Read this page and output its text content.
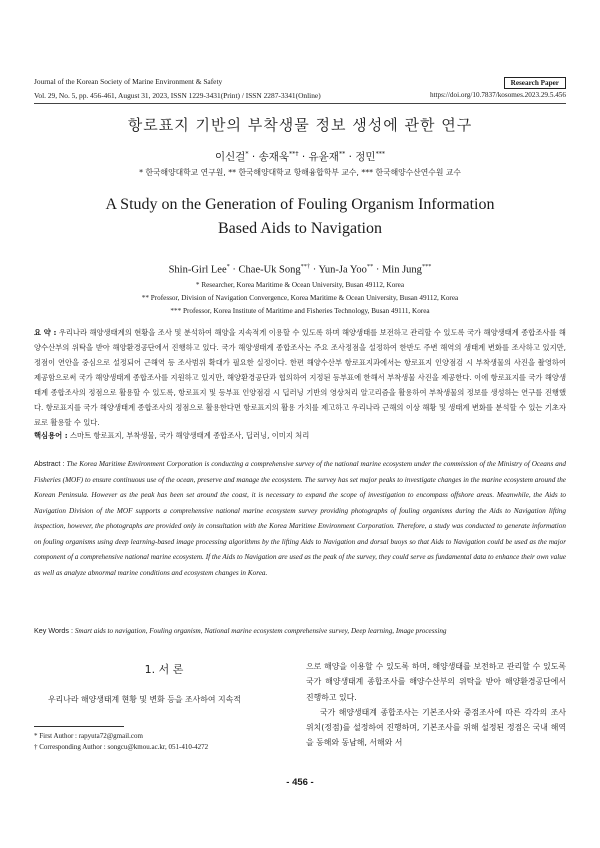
Journal of the Korean Society of Marine Environment & Safety
Vol. 29, No. 5, pp. 456-461, August 31, 2023, ISSN 1229-3431(Print) / ISSN 2287-3341(Online)
Research Paper
https://doi.org/10.7837/kosomes.2023.29.5.456
항로표지 기반의 부착생물 정보 생성에 관한 연구
이신걸* · 송재욱**† · 유윤재** · 정민***
* 한국해양대학교 연구원, ** 한국해양대학교 항해융합학부 교수, *** 한국해양수산연수원 교수
A Study on the Generation of Fouling Organism Information
Based Aids to Navigation
Shin-Girl Lee* · Chae-Uk Song**† · Yun-Ja Yoo** · Min Jung***
* Researcher, Korea Maritime & Ocean University, Busan 49112, Korea
** Professor, Division of Navigation Convergence, Korea Maritime & Ocean University, Busan 49112, Korea
*** Professor, Korea Institute of Maritime and Fisheries Technology, Busan 49111, Korea
요 약 : 우리나라 해양생태계의 현황을 조사 및 분석하여 해양을 지속적게 이용할 수 있도록 하며 해양생태를 보전하고 관리할 수 있도록 국가 해양생태계 종합조사를 해양수산부의 위탁을 받아 해양환경공단에서 진행하고 있다. 국가 해양생태계 종합조사는 주요 조사정점을 설정하여 한반도 주변 해역의 생태계 변화를 조사하고 있지만, 정점이 연안을 중심으로 설정되어 근해역 등 조사범위 확대가 필요한 실정이다. 한편 해양수산부 항로표지과에서는 항로표지 인양점검 시 부착생물의 사진을 촬영하여 제공함으로써 국가 해양생태계 종합조사를 지원하고 있지만, 해양환경공단과 협의하여 지정된 등부표에 한해서 부착생물 사진을 제공한다. 이에 항로표지를 국가 해양생태계 종합조사의 정점으로 활용할 수 있도록, 항로표지 및 등부표 인양점검 시 딥러닝 기반의 영상처리 알고리즘을 활용하여 부착생물의 정보를 생성하는 연구를 진행했다. 항로표지를 국가 해양생태계 종합조사의 정점으로 활용한다면 항로표지의 활용 가치를 제고하고 우리나라 근해의 이상 해황 및 생태계 변화를 분석할 수 있는 기초자료로 활용할 수 있다.
핵심용어 : 스마트 항로표지, 부착생물, 국가 해양생태계 종합조사, 딥러닝, 이미지 처리
Abstract : The Korea Maritime Environment Corporation is conducting a comprehensive survey of the national marine ecosystem under the commission of the Ministry of Oceans and Fisheries (MOF) to ensure continuous use of the ocean, preserve and manage the ecosystem. The survey has set major peaks to investigate changes in the marine ecosystem around the Korean Peninsula. However as the peak has been set around the coast, it is necessary to expand the scope of investigation to encompass offshore areas. Meanwhile, the Aids to Navigation Division of the MOF supports a comprehensive national marine ecosystem survey providing photographs of fouling organisms during the Aids to Navigation lifting inspection, however, the photographs are provided only in consultation with the Korea Maritime Environment Corporation. Therefore, a study was conducted to generate information on fouling organisms using deep learning-based image processing algorithms by the lifting Aids to Navigation and dorsal buoys so that Aids to Navigation could be used as the major component of a comprehensive national marine ecosystem. If the Aids to Navigation are used as the peak of the survey, they could serve as fundamental data to enhance their own value as well as analyze abnormal marine conditions and ecosystem changes in Korea.
Key Words : Smart aids to navigation, Fouling organism, National marine ecosystem comprehensive survey, Deep learning, Image processing
1. 서 론
우리나라 해양생태계 현황 및 변화 등을 조사하여 지속적
* First Author : rapyuta72@gmail.com
† Corresponding Author : songcu@kmou.ac.kr, 051-410-4272

으로 해양을 이용할 수 있도록 하며, 해양생태를 보전하고 관리할 수 있도록 국가 해양생태계 종합조사를 해양수산부의 위탁을 받아 해양환경공단에서 진행하고 있다.

국가 해양생태계 종합조사는 기본조사와 중점조사에 따른 각각의 조사위치(정점)를 설정하여 진행하며, 기본조사를 위해 설정된 정점은 국내 해역을 동해와 동남해, 서해와 서

- 456 -
